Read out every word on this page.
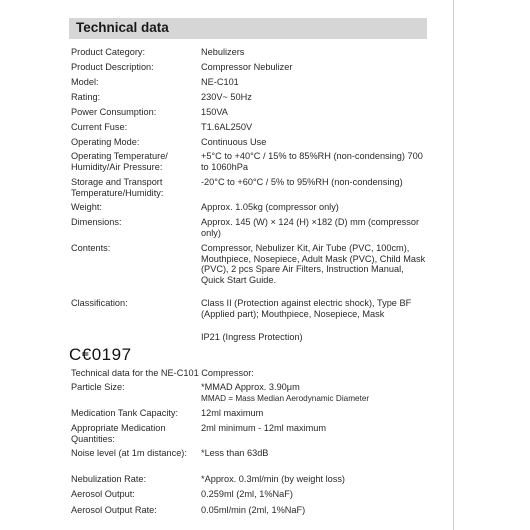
Technical data
Product Category:	Nebulizers
Product Description:	Compressor Nebulizer
Model:	NE-C101
Rating:	230V~ 50Hz
Power Consumption:	150VA
Current Fuse:	T1.6AL250V
Operating Mode:	Continuous Use
Operating Temperature/ Humidity/Air Pressure:
+5°C to +40°C / 15% to 85%RH (non-condensing) 700 to 1060hPa
Storage and Transport Temperature/Humidity:
-20°C to +60°C / 5% to 95%RH (non-condensing)
Weight:	Approx. 1.05kg (compressor only)
Dimensions:	Approx. 145 (W) × 124 (H) ×182 (D) mm (compressor only)
Contents:	Compressor, Nebulizer Kit, Air Tube (PVC, 100cm), Mouthpiece, Nosepiece, Adult Mask (PVC), Child Mask (PVC), 2 pcs Spare Air Filters, Instruction Manual, Quick Start Guide.
Classification:	Class II (Protection against electric shock), Type BF (Applied part); Mouthpiece, Nosepiece, Mask
IP21 (Ingress Protection)
C€0197
Technical data for the NE-C101 Compressor:
Particle Size:	*MMAD Approx. 3.90μm
MMAD = Mass Median Aerodynamic Diameter
Medication Tank Capacity:	12ml maximum
Appropriate Medication Quantities:
2ml minimum - 12ml maximum
Noise level (at 1m distance):	*Less than 63dB
Nebulization Rate:	*Approx. 0.3ml/min (by weight loss)
Aerosol Output:	0.259ml (2ml, 1%NaF)
Aerosol Output Rate:	0.05ml/min (2ml, 1%NaF)
